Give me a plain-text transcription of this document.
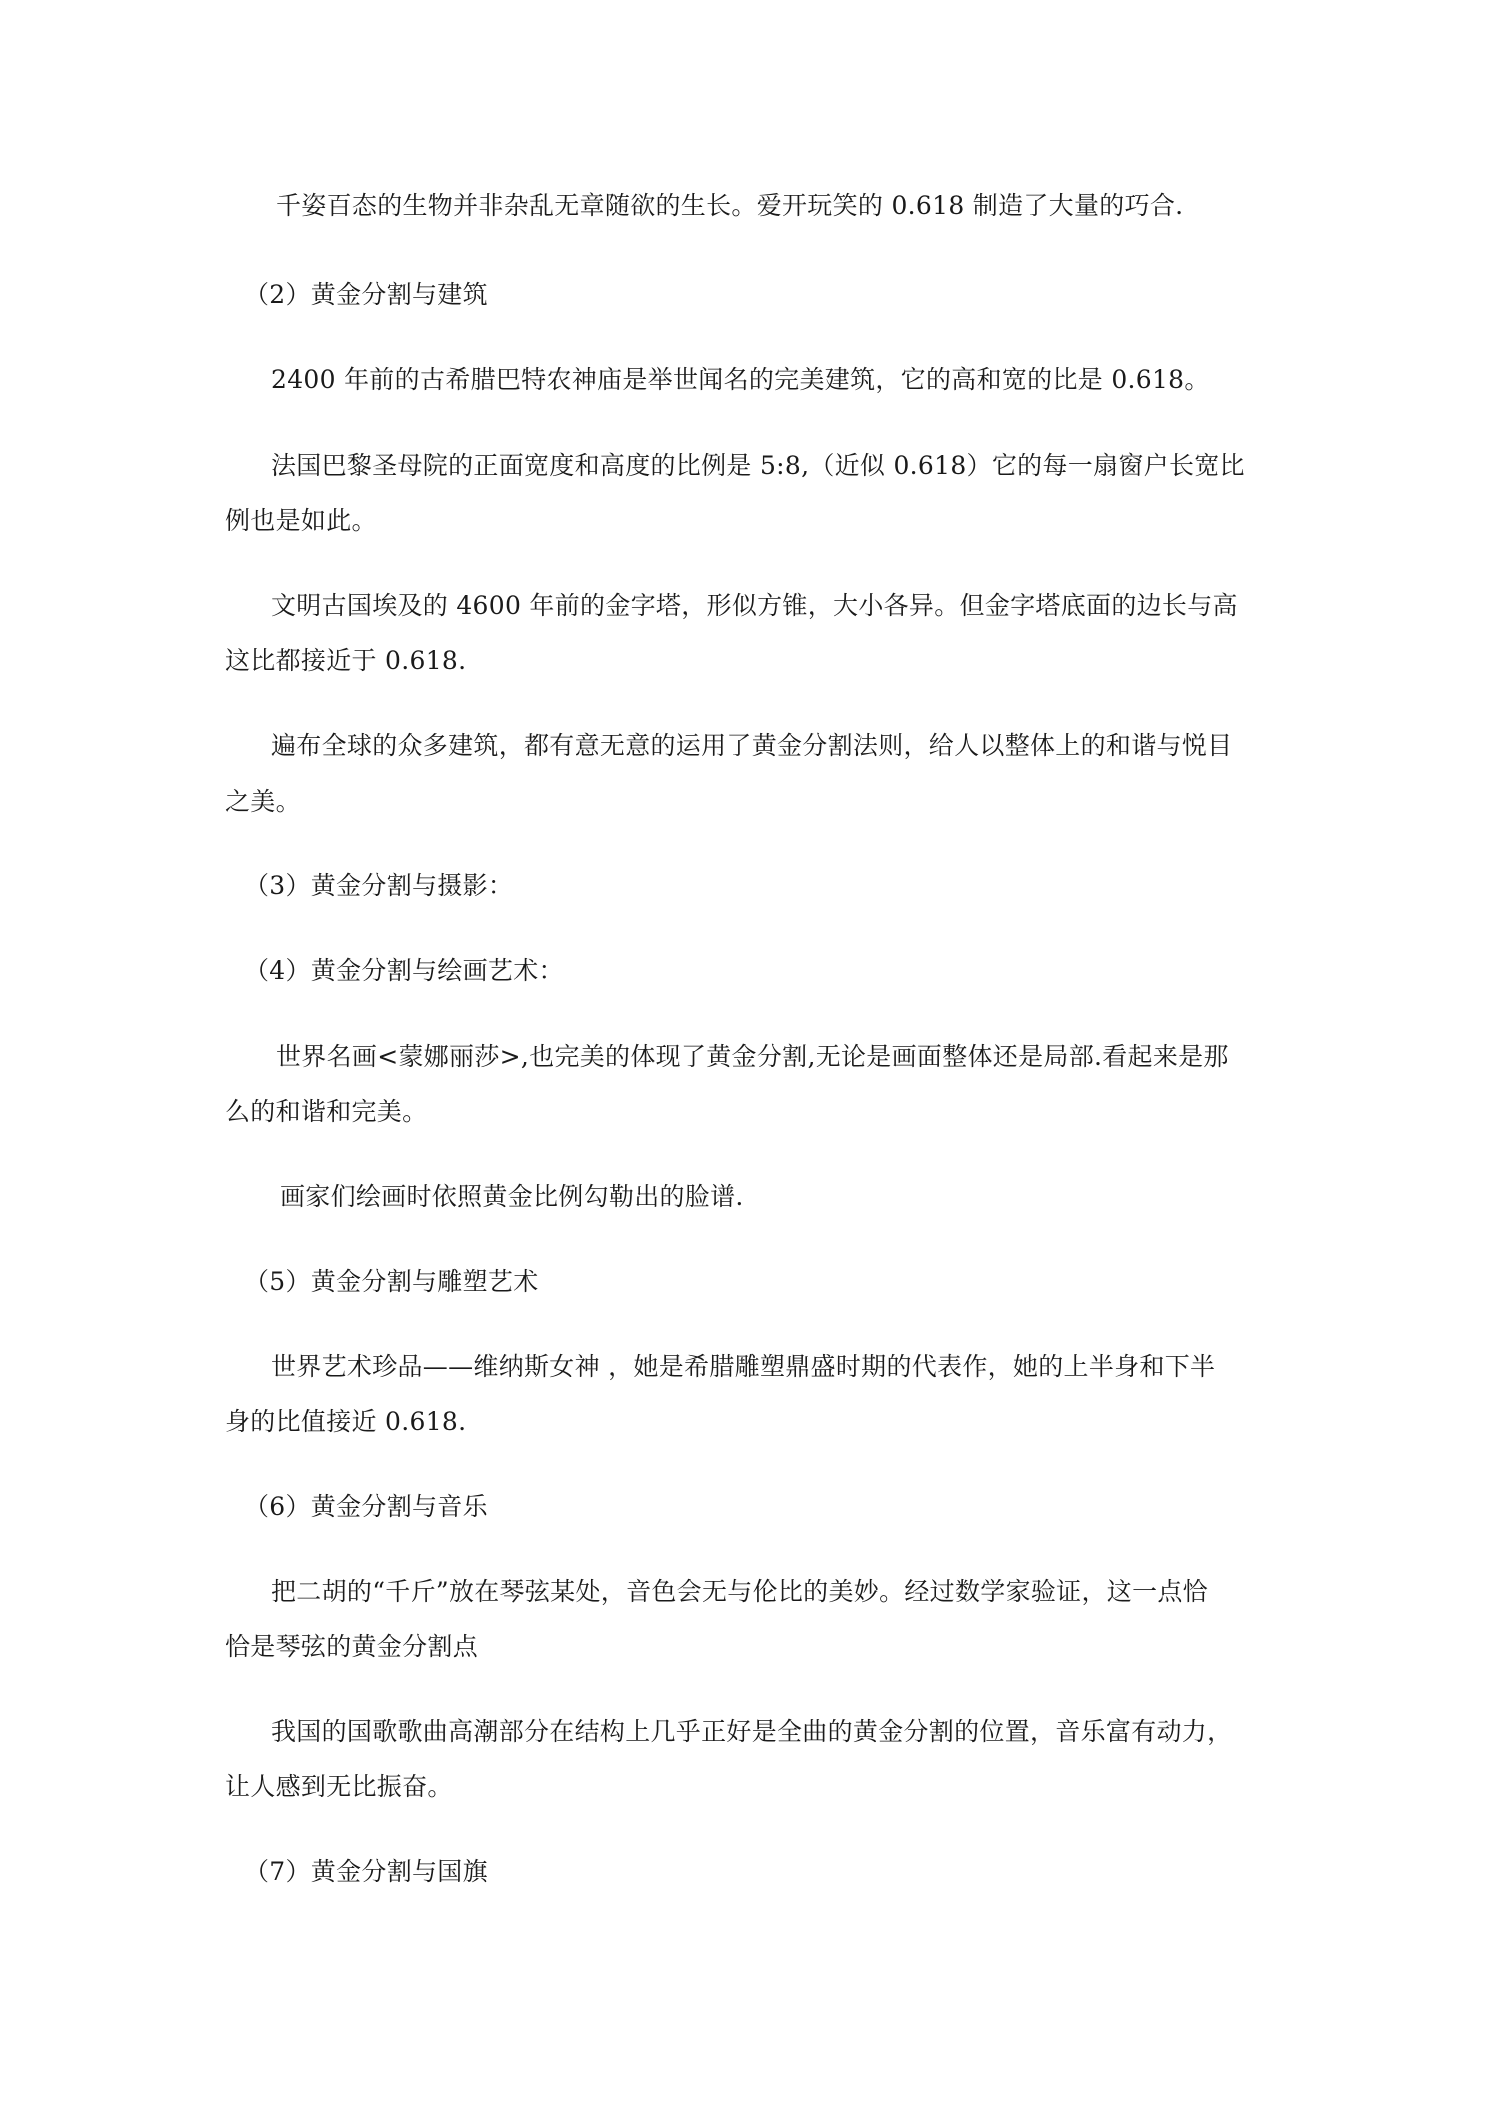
千姿百态的生物并非杂乱无章随欲的生长。爱开玩笑的 0.618 制造了大量的巧合.
（2）黄金分割与建筑
2400 年前的古希腊巴特农神庙是举世闻名的完美建筑，它的高和宽的比是 0.618。
法国巴黎圣母院的正面宽度和高度的比例是 5:8,（近似 0.618）它的每一扇窗户长宽比
例也是如此。
文明古国埃及的 4600 年前的金字塔，形似方锥，大小各异。但金字塔底面的边长与高
这比都接近于 0.618.
遍布全球的众多建筑，都有意无意的运用了黄金分割法则，给人以整体上的和谐与悦目
之美。
（3）黄金分割与摄影：
（4）黄金分割与绘画艺术：
世界名画<蒙娜丽莎>,也完美的体现了黄金分割,无论是画面整体还是局部.看起来是那
么的和谐和完美。
画家们绘画时依照黄金比例勾勒出的脸谱.
（5）黄金分割与雕塑艺术
世界艺术珍品——维纳斯女神 ，她是希腊雕塑鼎盛时期的代表作，她的上半身和下半
身的比值接近 0.618.
（6）黄金分割与音乐
把二胡的“千斤”放在琴弦某处，音色会无与伦比的美妙。经过数学家验证，这一点恰
恰是琴弦的黄金分割点
我国的国歌歌曲高潮部分在结构上几乎正好是全曲的黄金分割的位置，音乐富有动力，
让人感到无比振奋。
（7）黄金分割与国旗
